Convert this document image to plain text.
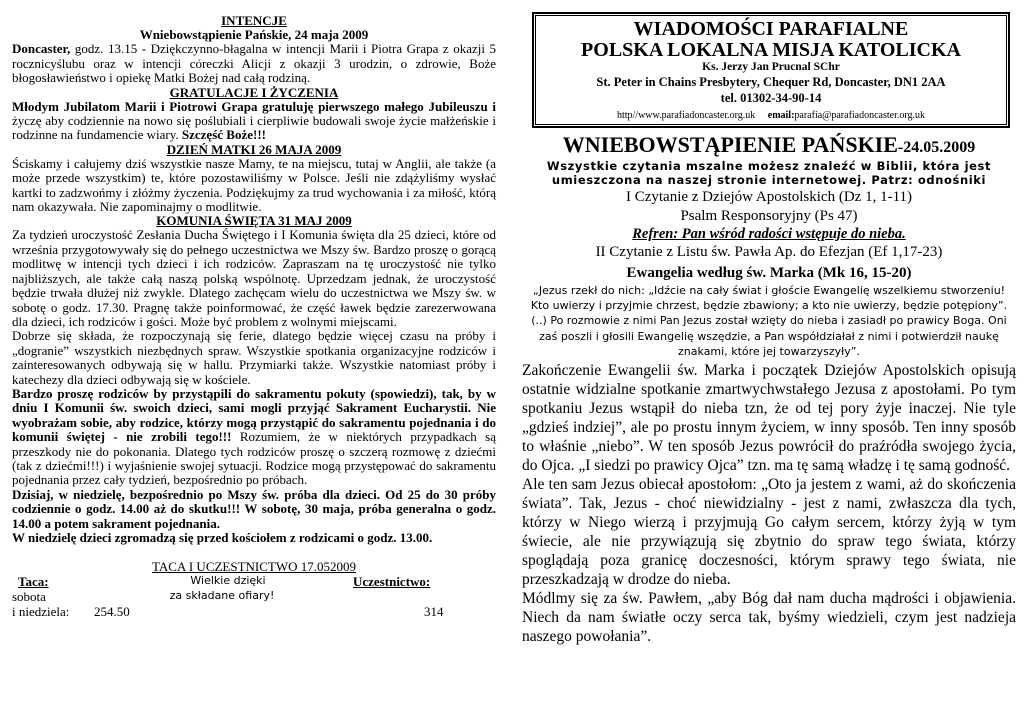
INTENCJE

Wniebowstąpienie Pańskie, 24 maja 2009

Doncaster, godz. 13.15 - Dziękczynno-błagalna w intencji Marii i Piotra Grapa z okazji 5 rocznicyślubu oraz w intencji córeczki Alicji z okazji 3 urodzin, o zdrowie, Boże błogosławieństwo i opiekę Matki Bożej nad całą rodziną.

GRATULACJE I ŻYCZENIA

Młodym Jubilatom Marii i Piotrowi Grapa gratuluję pierwszego małego Jubileuszu i życzę aby codziennie na nowo się poślubiali i cierpliwie budowali swoje życie małżeńskie i rodzinne na fundamencie wiary. Szczęść Boże!!!

DZIEŃ MATKI 26 MAJA 2009

Ściskamy i całujemy dziś wszystkie nasze Mamy, te na miejscu, tutaj w Anglii, ale także (a może przede wszystkim) te, które pozostawiliśmy w Polsce. Jeśli nie zdążyliśmy wysłać kartki to zadzwońmy i złóżmy życzenia. Podziękujmy za trud wychowania i za miłość, którą nam okazywała. Nie zapominajmy o modlitwie.

KOMUNIA ŚWIĘTA 31 MAJ 2009

Za tydzień uroczystość Zesłania Ducha Świętego i I Komunia święta dla 25 dzieci, które od września przygotowywały się do pełnego uczestnictwa we Mszy św. Bardzo proszę o gorącą modlitwę w intencji tych dzieci i ich rodziców. Zapraszam na tę uroczystość nie tylko najbliższych, ale także całą naszą polską wspólnotę. Uprzedzam jednak, że uroczystość będzie trwała dłużej niż zwykle. Dlatego zachęcam wielu do uczestnictwa we Mszy św. w sobotę o godz. 17.30. Pragnę także poinformować, że część ławek będzie zarezerwowana dla dzieci, ich rodziców i gości. Może być problem z wolnymi miejscami.

Dobrze się składa, że rozpoczynają się ferie, dlatego będzie więcej czasu na próby i „dogranie” wszystkich niezbędnych spraw. Wszystkie spotkania organizacyjne rodziców i zainteresowanych odbywają się w hallu. Przymiarki także. Wszystkie natomiast próby i katechezy dla dzieci odbywają się w kościele.

Bardzo proszę rodziców by przystąpili do sakramentu pokuty (spowiedzi), tak, by w dniu I Komunii św. swoich dzieci, sami mogli przyjąć Sakrament Eucharystii. Nie wyobrażam sobie, aby rodzice, którzy mogą przystąpić do sakramentu pojednania i do komunii świętej - nie zrobili tego!!! Rozumiem, że w niektórych przypadkach są przeszkody nie do pokonania. Dlatego tych rodziców proszę o szczerą rozmowę z dziećmi (tak z dziećmi!!!) i wyjaśnienie swojej sytuacji. Rodzice mogą przystępować do sakramentu pojednania przez cały tydzień, bezpośrednio po próbach.

Dzisiaj, w niedzielę, bezpośrednio po Mszy św. próba dla dzieci. Od 25 do 30 próby codziennie o godz. 14.00 aż do skutku!!! W sobotę, 30 maja, próba generalna o godz. 14.00 a potem sakrament pojednania.

W niedzielę dzieci zgromadzą się przed kościołem z rodzicami o godz. 13.00.

TACA I UCZESTNICTWO 17.052009

Taca:	Wielkie dzięki	Uczestnictwo:
sobota	za składane ofiary!
i niedziela:	254.50	314
WIADOMOŚCI PARAFIALNE
POLSKA LOKALNA MISJA KATOLICKA
Ks. Jerzy Jan Prucnal SChr
St. Peter in Chains Presbytery, Chequer Rd, Doncaster, DN1 2AA
tel. 01302-34-90-14
http//www.parafiadoncaster.org.uk email:parafia@parafiadoncaster.org.uk

WNIEBOWSTĄPIENIE PAŃSKIE-24.05.2009

Wszystkie czytania mszalne możesz znaleźć w Biblii, która jest umieszczona na naszej stronie internetowej. Patrz: odnośniki

I Czytanie z Dziejów Apostolskich (Dz 1, 1-11)

Psalm Responsoryjny (Ps 47)

Refren: Pan wśród radości wstępuje do nieba.

II Czytanie z Listu św. Pawła Ap. do Efezjan (Ef 1,17-23)

Ewangelia według św. Marka (Mk 16, 15-20)

„Jezus rzekł do nich: „Idźcie na cały świat i głoście Ewangelię wszelkiemu stworzeniu! Kto uwierzy i przyjmie chrzest, będzie zbawiony; a kto nie uwierzy, będzie potępiony”. (..) Po rozmowie z nimi Pan Jezus został wzięty do nieba i zasiadł po prawicy Boga. Oni zaś poszli i głosili Ewangelię wszędzie, a Pan współdziałał z nimi i potwierdził naukę znakami, które jej towarzyszyły”.

Zakończenie Ewangelii św. Marka i początek Dziejów Apostolskich opisują ostatnie widzialne spotkanie zmartwychwstałego Jezusa z apostołami. Po tym spotkaniu Jezus wstąpił do nieba tzn, że od tej pory żyje inaczej. Nie tyle „gdzieś indziej”, ale po prostu innym życiem, w inny sposób. Ten inny sposób to właśnie „niebo”. W ten sposób Jezus powrócił do praźródła swojego życia, do Ojca. „I siedzi po prawicy Ojca” tzn. ma tę samą władzę i tę samą godność.

Ale ten sam Jezus obiecał apostołom: „Oto ja jestem z wami, aż do skończenia świata”. Tak, Jezus - choć niewidzialny - jest z nami, zwłaszcza dla tych, którzy w Niego wierzą i przyjmują Go całym sercem, którzy żyją w tym świecie, ale nie przywiązują się zbytnio do spraw tego świata, którzy spoglądają poza granicę doczesności, którym sprawy tego świata, nie przeszkadzają w drodze do nieba.

Módlmy się za św. Pawłem, „aby Bóg dał nam ducha mądrości i objawienia. Niech da nam światłe oczy serca tak, byśmy wiedzieli, czym jest nadzieja naszego powołania”.
